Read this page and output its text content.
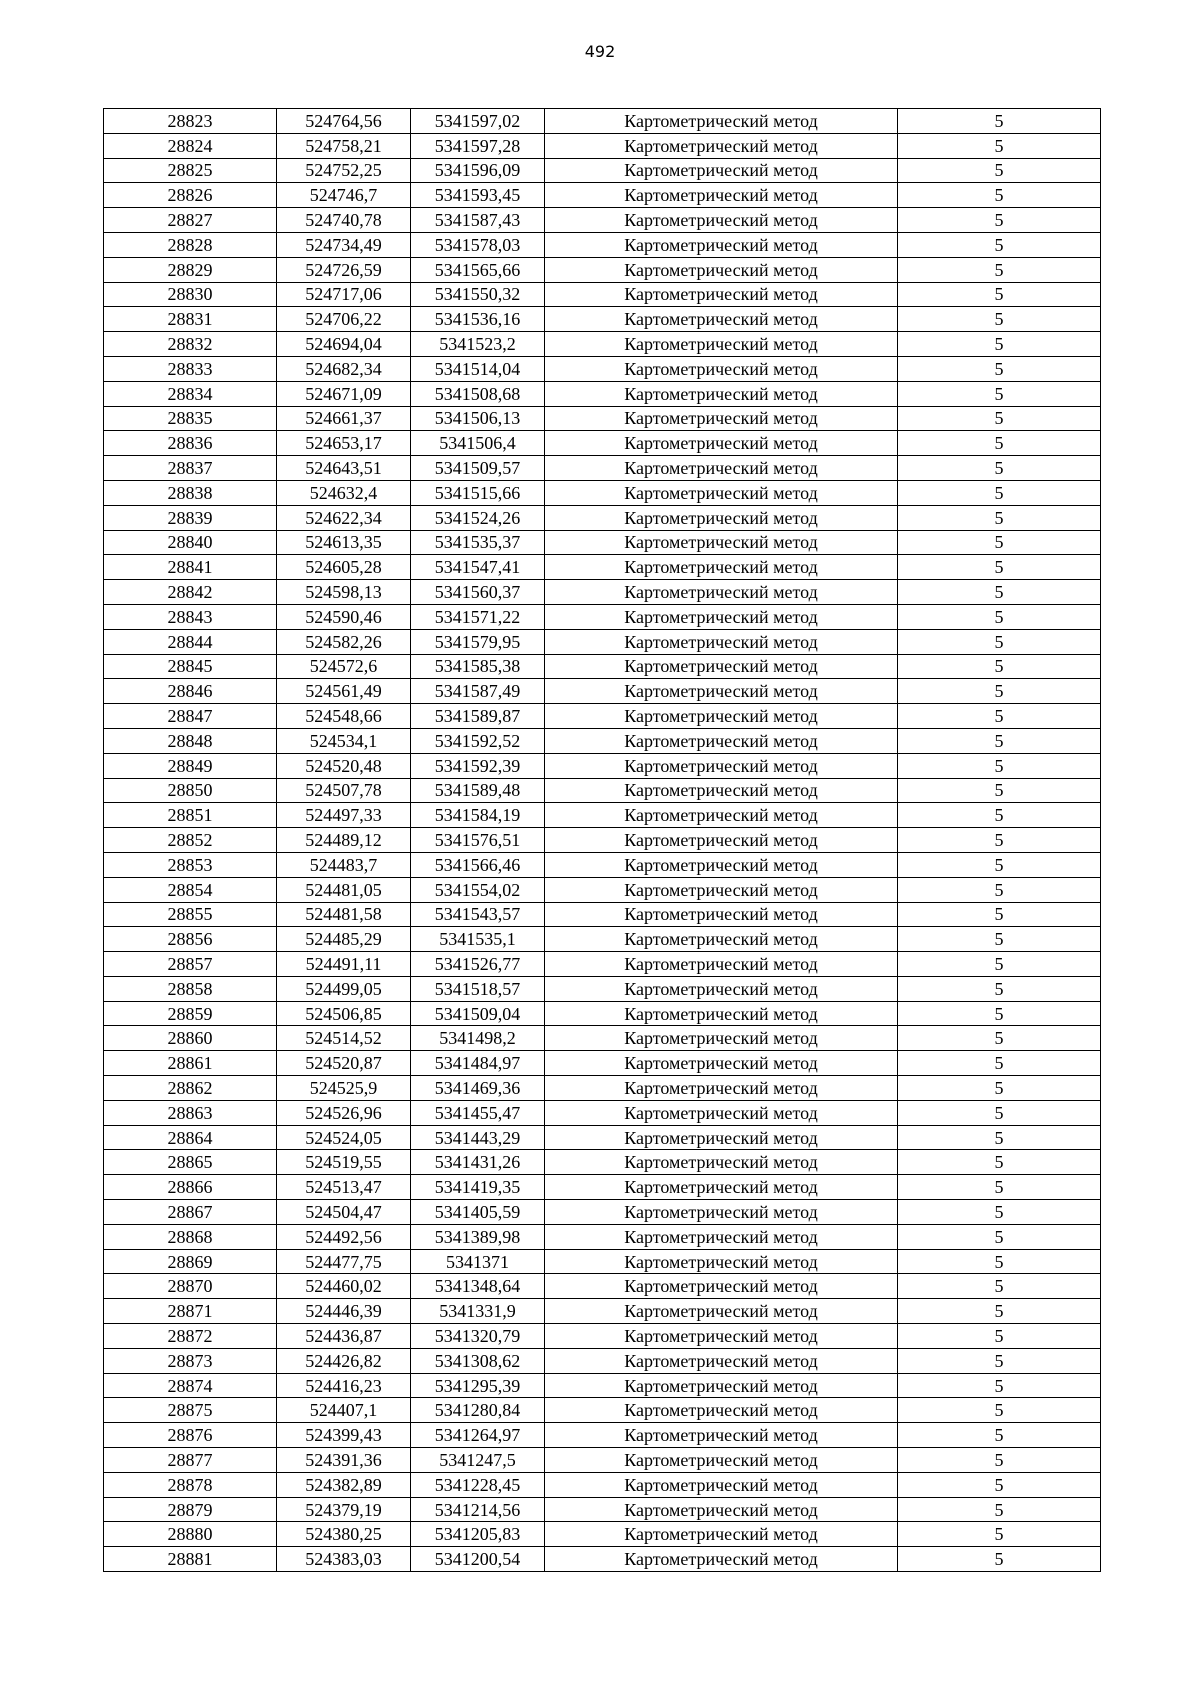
492
28823	524764,56	5341597,02	Картометрический метод	5
28824	524758,21	5341597,28	Картометрический метод	5
28825	524752,25	5341596,09	Картометрический метод	5
28826	524746,7	5341593,45	Картометрический метод	5
28827	524740,78	5341587,43	Картометрический метод	5
28828	524734,49	5341578,03	Картометрический метод	5
28829	524726,59	5341565,66	Картометрический метод	5
28830	524717,06	5341550,32	Картометрический метод	5
28831	524706,22	5341536,16	Картометрический метод	5
28832	524694,04	5341523,2	Картометрический метод	5
28833	524682,34	5341514,04	Картометрический метод	5
28834	524671,09	5341508,68	Картометрический метод	5
28835	524661,37	5341506,13	Картометрический метод	5
28836	524653,17	5341506,4	Картометрический метод	5
28837	524643,51	5341509,57	Картометрический метод	5
28838	524632,4	5341515,66	Картометрический метод	5
28839	524622,34	5341524,26	Картометрический метод	5
28840	524613,35	5341535,37	Картометрический метод	5
28841	524605,28	5341547,41	Картометрический метод	5
28842	524598,13	5341560,37	Картометрический метод	5
28843	524590,46	5341571,22	Картометрический метод	5
28844	524582,26	5341579,95	Картометрический метод	5
28845	524572,6	5341585,38	Картометрический метод	5
28846	524561,49	5341587,49	Картометрический метод	5
28847	524548,66	5341589,87	Картометрический метод	5
28848	524534,1	5341592,52	Картометрический метод	5
28849	524520,48	5341592,39	Картометрический метод	5
28850	524507,78	5341589,48	Картометрический метод	5
28851	524497,33	5341584,19	Картометрический метод	5
28852	524489,12	5341576,51	Картометрический метод	5
28853	524483,7	5341566,46	Картометрический метод	5
28854	524481,05	5341554,02	Картометрический метод	5
28855	524481,58	5341543,57	Картометрический метод	5
28856	524485,29	5341535,1	Картометрический метод	5
28857	524491,11	5341526,77	Картометрический метод	5
28858	524499,05	5341518,57	Картометрический метод	5
28859	524506,85	5341509,04	Картометрический метод	5
28860	524514,52	5341498,2	Картометрический метод	5
28861	524520,87	5341484,97	Картометрический метод	5
28862	524525,9	5341469,36	Картометрический метод	5
28863	524526,96	5341455,47	Картометрический метод	5
28864	524524,05	5341443,29	Картометрический метод	5
28865	524519,55	5341431,26	Картометрический метод	5
28866	524513,47	5341419,35	Картометрический метод	5
28867	524504,47	5341405,59	Картометрический метод	5
28868	524492,56	5341389,98	Картометрический метод	5
28869	524477,75	5341371	Картометрический метод	5
28870	524460,02	5341348,64	Картометрический метод	5
28871	524446,39	5341331,9	Картометрический метод	5
28872	524436,87	5341320,79	Картометрический метод	5
28873	524426,82	5341308,62	Картометрический метод	5
28874	524416,23	5341295,39	Картометрический метод	5
28875	524407,1	5341280,84	Картометрический метод	5
28876	524399,43	5341264,97	Картометрический метод	5
28877	524391,36	5341247,5	Картометрический метод	5
28878	524382,89	5341228,45	Картометрический метод	5
28879	524379,19	5341214,56	Картометрический метод	5
28880	524380,25	5341205,83	Картометрический метод	5
28881	524383,03	5341200,54	Картометрический метод	5
